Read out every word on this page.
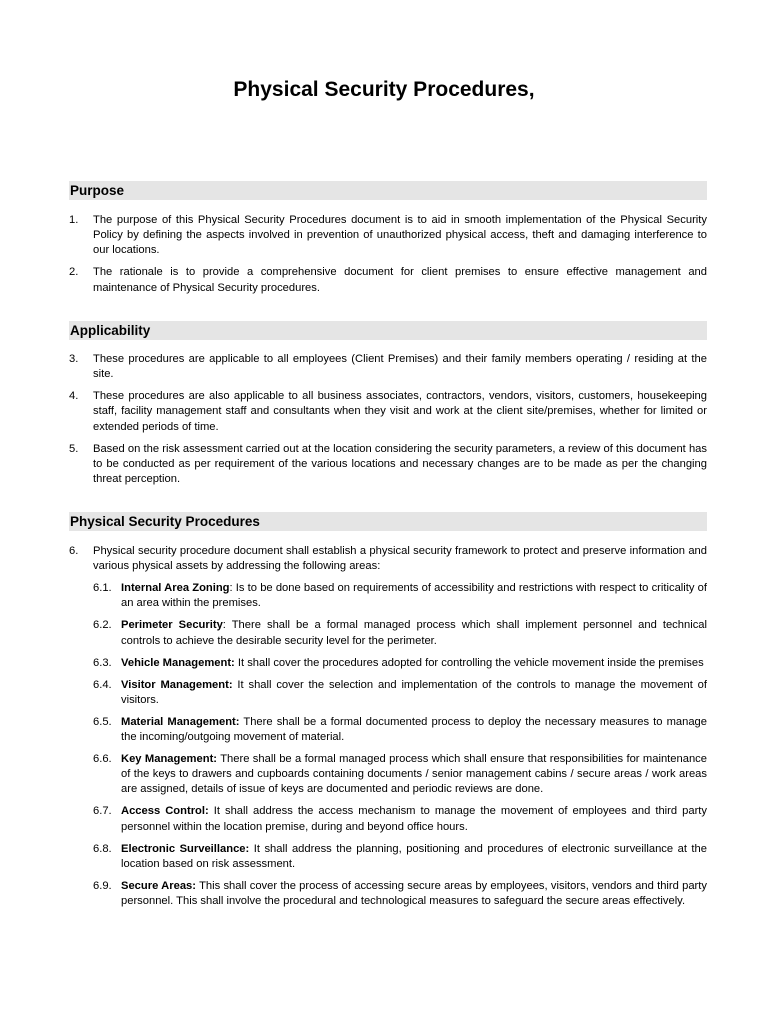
Physical Security Procedures,
Purpose
1. The purpose of this Physical Security Procedures document is to aid in smooth implementation of the Physical Security Policy by defining the aspects involved in prevention of unauthorized physical access, theft and damaging interference to our locations.
2. The rationale is to provide a comprehensive document for client premises to ensure effective management and maintenance of Physical Security procedures.
Applicability
3. These procedures are applicable to all employees (Client Premises) and their family members operating / residing at the site.
4. These procedures are also applicable to all business associates, contractors, vendors, visitors, customers, housekeeping staff, facility management staff and consultants when they visit and work at the client site/premises, whether for limited or extended periods of time.
5. Based on the risk assessment carried out at the location considering the security parameters, a review of this document has to be conducted as per requirement of the various locations and necessary changes are to be made as per the changing threat perception.
Physical Security Procedures
6. Physical security procedure document shall establish a physical security framework to protect and preserve information and various physical assets by addressing the following areas:
6.1. Internal Area Zoning: Is to be done based on requirements of accessibility and restrictions with respect to criticality of an area within the premises.
6.2. Perimeter Security: There shall be a formal managed process which shall implement personnel and technical controls to achieve the desirable security level for the perimeter.
6.3. Vehicle Management: It shall cover the procedures adopted for controlling the vehicle movement inside the premises
6.4. Visitor Management: It shall cover the selection and implementation of the controls to manage the movement of visitors.
6.5. Material Management: There shall be a formal documented process to deploy the necessary measures to manage the incoming/outgoing movement of material.
6.6. Key Management: There shall be a formal managed process which shall ensure that responsibilities for maintenance of the keys to drawers and cupboards containing documents / senior management cabins / secure areas / work areas are assigned, details of issue of keys are documented and periodic reviews are done.
6.7. Access Control: It shall address the access mechanism to manage the movement of employees and third party personnel within the location premise, during and beyond office hours.
6.8. Electronic Surveillance: It shall address the planning, positioning and procedures of electronic surveillance at the location based on risk assessment.
6.9. Secure Areas: This shall cover the process of accessing secure areas by employees, visitors, vendors and third party personnel. This shall involve the procedural and technological measures to safeguard the secure areas effectively.
